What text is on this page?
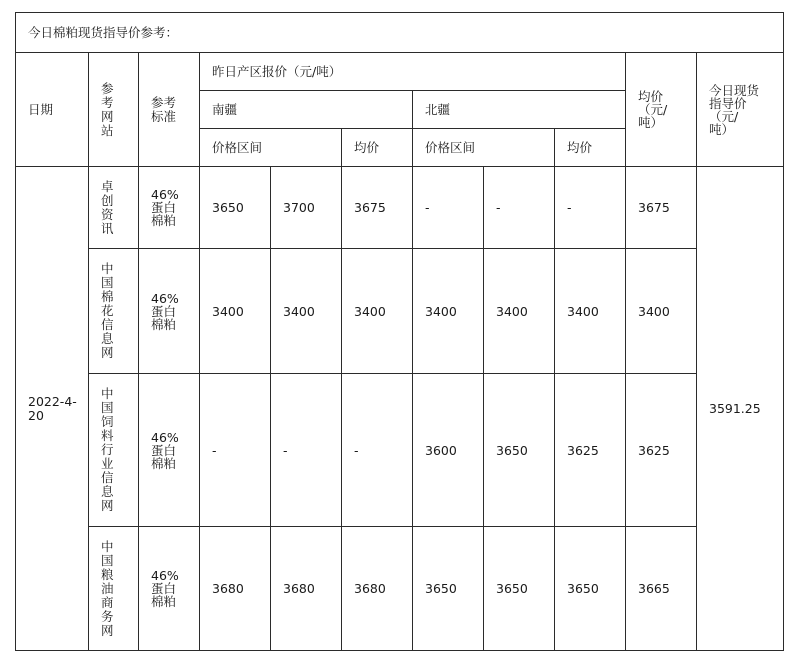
今日棉粕现货指导价参考：										
日期	参考网站	参考标准	昨日产区报价（元/吨）						均价
（元/
吨）	今日现货
指导价
（元/
吨）

			南疆			北疆				
			价格区间		均价	价格区间		均价		

2022-4-20	卓创资讯	46%
蛋白
棉粕	3650	3700	3675	-	-	-	3675	3591.25

	中国棉花信息网	46%
蛋白
棉粕	3400	3400	3400	3400	3400	3400	3400	

	中国饲料行业信息网	46%
蛋白
棉粕	-	-	-	3600	3650	3625	3625	

	中国粮油商务网	46%
蛋白
棉粕	3680	3680	3680	3650	3650	3650	3665	
